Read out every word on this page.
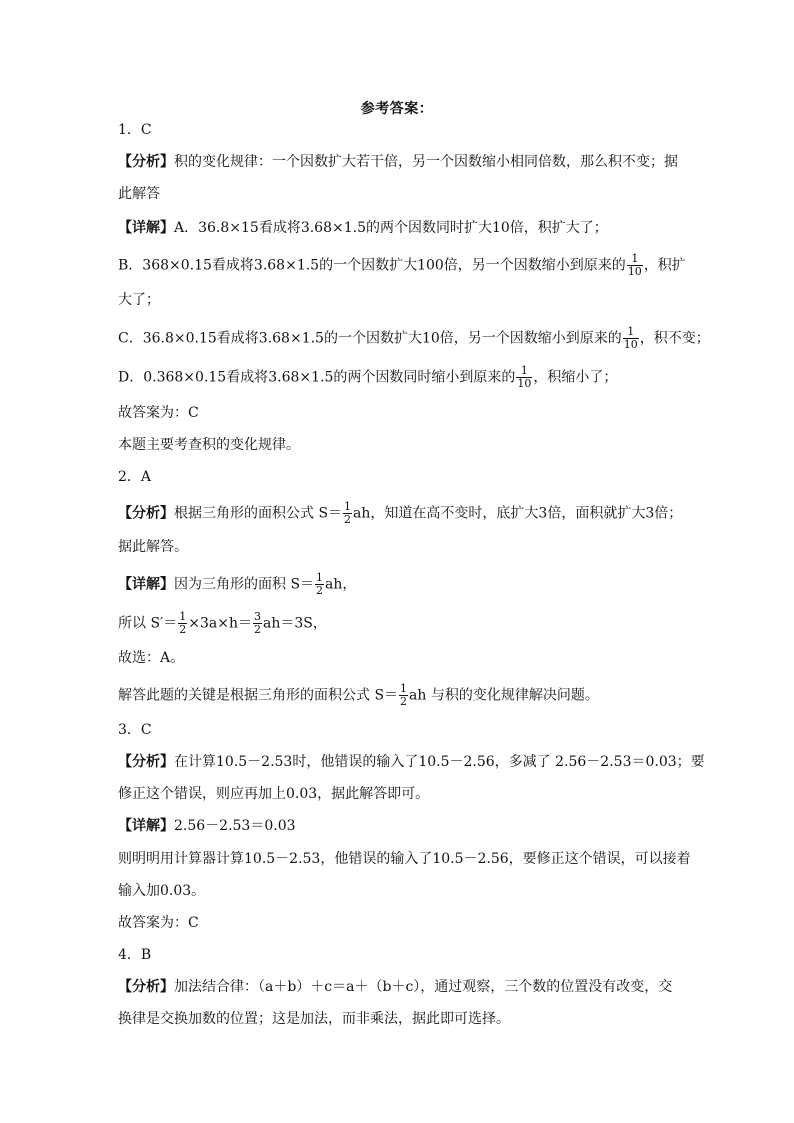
参考答案：

1．C

【分析】积的变化规律：一个因数扩大若干倍，另一个因数缩小相同倍数，那么积不变；据

此解答

【详解】A．36.8×15看成将3.68×1.5的两个因数同时扩大10倍，积扩大了；

B．368×0.15看成将3.68×1.5的一个因数扩大100倍，另一个因数缩小到原来的 $\frac{1}{10}$ ，积扩

大了；

C．36.8×0.15看成将3.68×1.5的一个因数扩大10倍，另一个因数缩小到原来的 $\frac{1}{10}$ ，积不变；

D．0.368×0.15看成将3.68×1.5的两个因数同时缩小到原来的 $\frac{1}{10}$ ，积缩小了；

故答案为：C

本题主要考查积的变化规律。

2．A

【分析】根据三角形的面积公式 $S= \frac{1}{2}$ ah，知道在高不变时，底扩大3倍，面积就扩大3倍；

据此解答。

【详解】因为三角形的面积 $S= \frac{1}{2}$ ah，

所以 $S'= \frac{1}{2} \times 3a\times h= \frac{3}{2} ah=3S$，

故选：A。

解答此题的关键是根据三角形的面积公式 $S= \frac{1}{2}$ ah 与积的变化规律解决问题。

3．C

【分析】在计算10.5－2.53时，他错误的输入了10.5－2.56，多减了 2.56－2.53＝0.03；要

修正这个错误，则应再加上0.03，据此解答即可。

【详解】2.56－2.53＝0.03

则明明用计算器计算10.5－2.53，他错误的输入了10.5－2.56，要修正这个错误，可以接着

输入加0.03。

故答案为：C

4．B

【分析】加法结合律：（a＋b）＋c＝a＋（b＋c），通过观察，三个数的位置没有改变，交

换律是交换加数的位置；这是加法，而非乘法，据此即可选择。
